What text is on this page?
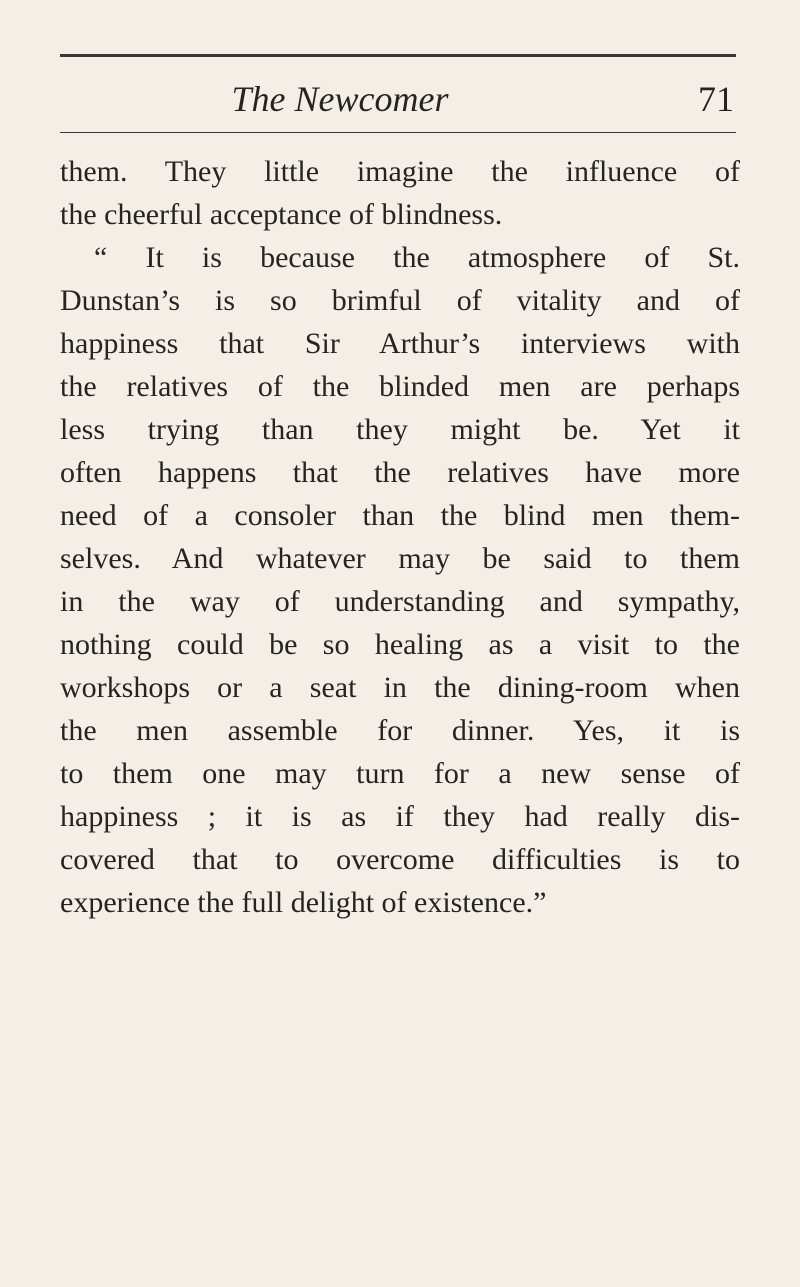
The Newcomer	71
them. They little imagine the influence of
the cheerful acceptance of blindness.
“ It is because the atmosphere of St.
Dunstan’s is so brimful of vitality and of
happiness that Sir Arthur’s interviews with
the relatives of the blinded men are perhaps
less trying than they might be. Yet it
often happens that the relatives have more
need of a consoler than the blind men them-
selves. And whatever may be said to them
in the way of understanding and sympathy,
nothing could be so healing as a visit to the
workshops or a seat in the dining-room when
the men assemble for dinner. Yes, it is
to them one may turn for a new sense of
happiness ; it is as if they had really dis-
covered that to overcome difficulties is to
experience the full delight of existence.”
